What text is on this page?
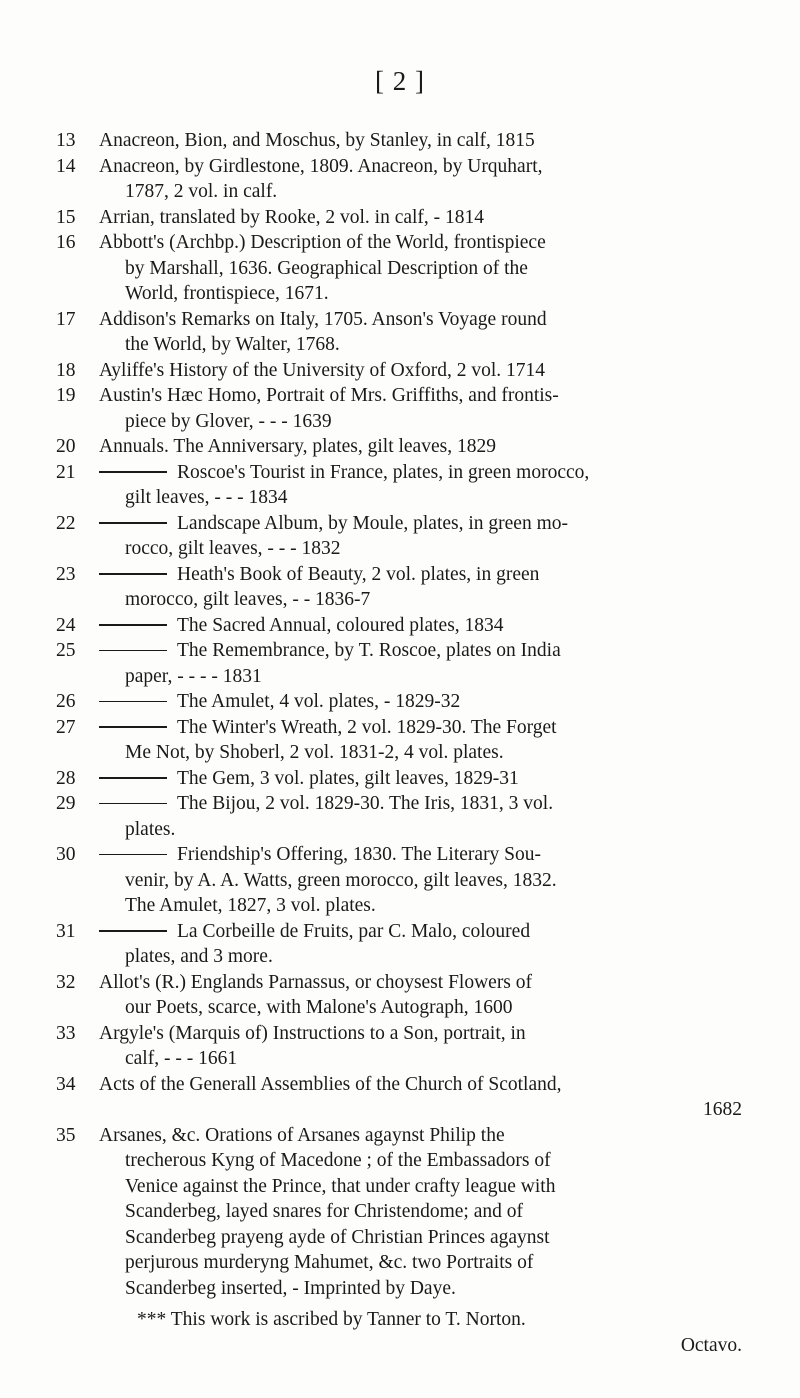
[ 2 ]
13	Anacreon, Bion, and Moschus, by Stanley, in calf, 1815
14	Anacreon, by Girdlestone, 1809. Anacreon, by Urquhart,
1787, 2 vol. in calf.
15	Arrian, translated by Rooke, 2 vol. in calf, - 1814
16	Abbott's (Archbp.) Description of the World, frontispiece
by Marshall, 1636. Geographical Description of the
World, frontispiece, 1671.
17	Addison's Remarks on Italy, 1705. Anson's Voyage round
the World, by Walter, 1768.
18	Ayliffe's History of the University of Oxford, 2 vol. 1714
19	Austin's Hæc Homo, Portrait of Mrs. Griffiths, and frontis-
piece by Glover, - - - 1639
20	Annuals. The Anniversary, plates, gilt leaves, 1829
21	Roscoe's Tourist in France, plates, in green morocco,
gilt leaves, - - - 1834
22	Landscape Album, by Moule, plates, in green mo-
rocco, gilt leaves, - - - 1832
23	Heath's Book of Beauty, 2 vol. plates, in green
morocco, gilt leaves, - - 1836-7
24	The Sacred Annual, coloured plates, 1834
25	The Remembrance, by T. Roscoe, plates on India
paper, - - - - 1831
26	The Amulet, 4 vol. plates, - 1829-32
27	The Winter's Wreath, 2 vol. 1829-30. The Forget
Me Not, by Shoberl, 2 vol. 1831-2, 4 vol. plates.
28	The Gem, 3 vol. plates, gilt leaves, 1829-31
29	The Bijou, 2 vol. 1829-30. The Iris, 1831, 3 vol.
plates.
30	Friendship's Offering, 1830. The Literary Sou-
venir, by A. A. Watts, green morocco, gilt leaves, 1832.
The Amulet, 1827, 3 vol. plates.
31	La Corbeille de Fruits, par C. Malo, coloured
plates, and 3 more.
32	Allot's (R.) Englands Parnassus, or choysest Flowers of
our Poets, scarce, with Malone's Autograph, 1600
33	Argyle's (Marquis of) Instructions to a Son, portrait, in
calf, - - - 1661
34	Acts of the Generall Assemblies of the Church of Scotland,
1682
35	Arsanes, &c. Orations of Arsanes agaynst Philip the
trecherous Kyng of Macedone ; of the Embassadors of
Venice against the Prince, that under crafty league with
Scanderbeg, layed snares for Christendome; and of
Scanderbeg prayeng ayde of Christian Princes agaynst
perjurous murderyng Mahumet, &c. two Portraits of
Scanderbeg inserted, - Imprinted by Daye.
*** This work is ascribed by Tanner to T. Norton.
Octavo.
